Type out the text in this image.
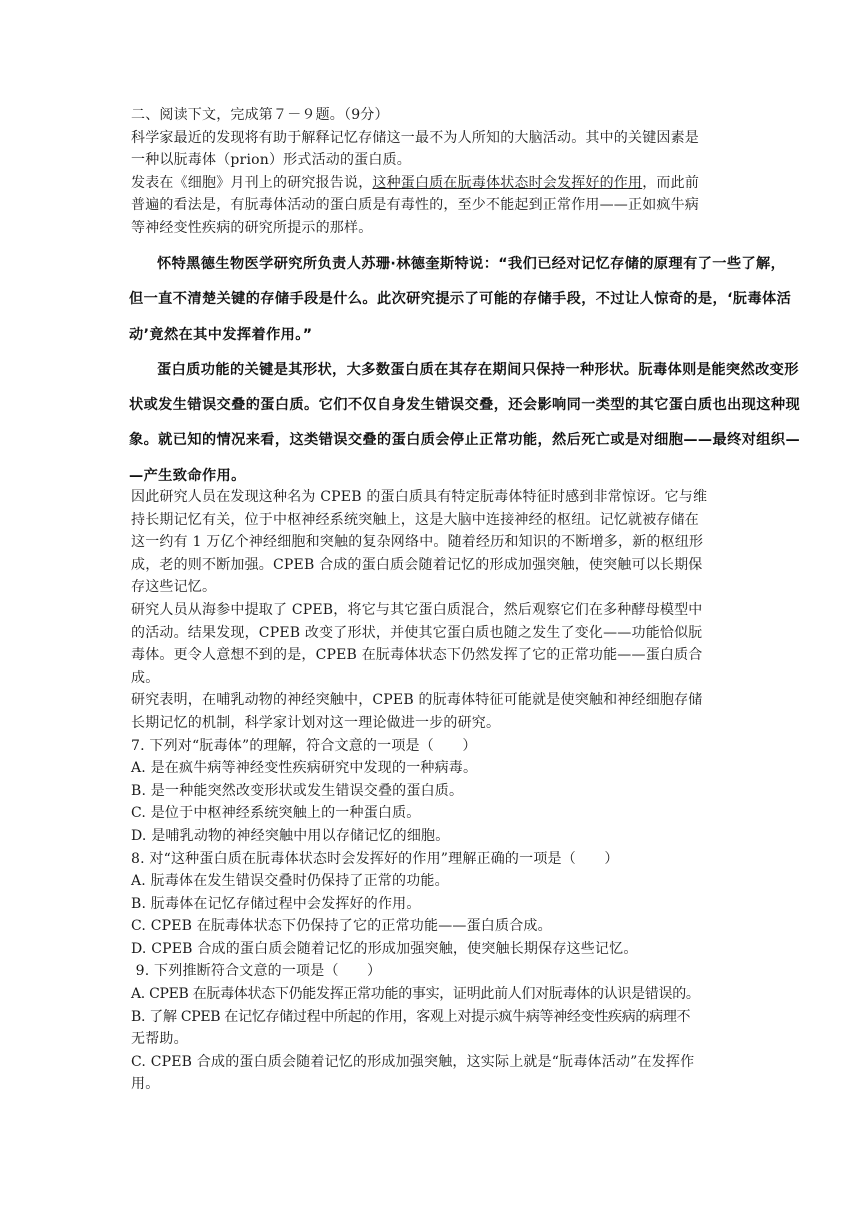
二、阅读下文，完成第７－９题。（9分）

科学家最近的发现将有助于解释记忆存储这一最不为人所知的大脑活动。其中的关键因素是

一种以朊毒体（prion）形式活动的蛋白质。

发表在《细胞》月刊上的研究报告说，这种蛋白质在朊毒体状态时会发挥好的作用，而此前

普遍的看法是，有朊毒体活动的蛋白质是有毒性的，至少不能起到正常作用——正如疯牛病

等神经变性疾病的研究所提示的那样。

怀特黑德生物医学研究所负责人苏珊·林德奎斯特说：“我们已经对记忆存储的原理有了一些了解，

但一直不清楚关键的存储手段是什么。此次研究提示了可能的存储手段，不过让人惊奇的是，‘朊毒体活

动’竟然在其中发挥着作用。”

蛋白质功能的关键是其形状，大多数蛋白质在其存在期间只保持一种形状。朊毒体则是能突然改变形

状或发生错误交叠的蛋白质。它们不仅自身发生错误交叠，还会影响同一类型的其它蛋白质也出现这种现

象。就已知的情况来看，这类错误交叠的蛋白质会停止正常功能，然后死亡或是对细胞——最终对组织—

—产生致命作用。

因此研究人员在发现这种名为 CPEB 的蛋白质具有特定朊毒体特征时感到非常惊讶。它与维

持长期记忆有关，位于中枢神经系统突触上，这是大脑中连接神经的枢纽。记忆就被存储在

这一约有 1 万亿个神经细胞和突触的复杂网络中。随着经历和知识的不断增多，新的枢纽形

成，老的则不断加强。CPEB 合成的蛋白质会随着记忆的形成加强突触，使突触可以长期保

存这些记忆。

研究人员从海参中提取了 CPEB，将它与其它蛋白质混合，然后观察它们在多种酵母模型中

的活动。结果发现，CPEB 改变了形状，并使其它蛋白质也随之发生了变化——功能恰似朊

毒体。更令人意想不到的是，CPEB 在朊毒体状态下仍然发挥了它的正常功能——蛋白质合

成。

研究表明，在哺乳动物的神经突触中，CPEB 的朊毒体特征可能就是使突触和神经细胞存储

长期记忆的机制，科学家计划对这一理论做进一步的研究。

7. 下列对“朊毒体”的理解，符合文意的一项是（　　）

A. 是在疯牛病等神经变性疾病研究中发现的一种病毒。

B. 是一种能突然改变形状或发生错误交叠的蛋白质。

C. 是位于中枢神经系统突触上的一种蛋白质。

D. 是哺乳动物的神经突触中用以存储记忆的细胞。

8. 对“这种蛋白质在朊毒体状态时会发挥好的作用”理解正确的一项是（　　）

A. 朊毒体在发生错误交叠时仍保持了正常的功能。

B. 朊毒体在记忆存储过程中会发挥好的作用。

C. CPEB 在朊毒体状态下仍保持了它的正常功能——蛋白质合成。

D. CPEB 合成的蛋白质会随着记忆的形成加强突触，使突触长期保存这些记忆。

9. 下列推断符合文意的一项是（　　）

A. CPEB 在朊毒体状态下仍能发挥正常功能的事实，证明此前人们对朊毒体的认识是错误的。

B. 了解 CPEB 在记忆存储过程中所起的作用，客观上对提示疯牛病等神经变性疾病的病理不

无帮助。

C. CPEB 合成的蛋白质会随着记忆的形成加强突触，这实际上就是“朊毒体活动”在发挥作

用。
